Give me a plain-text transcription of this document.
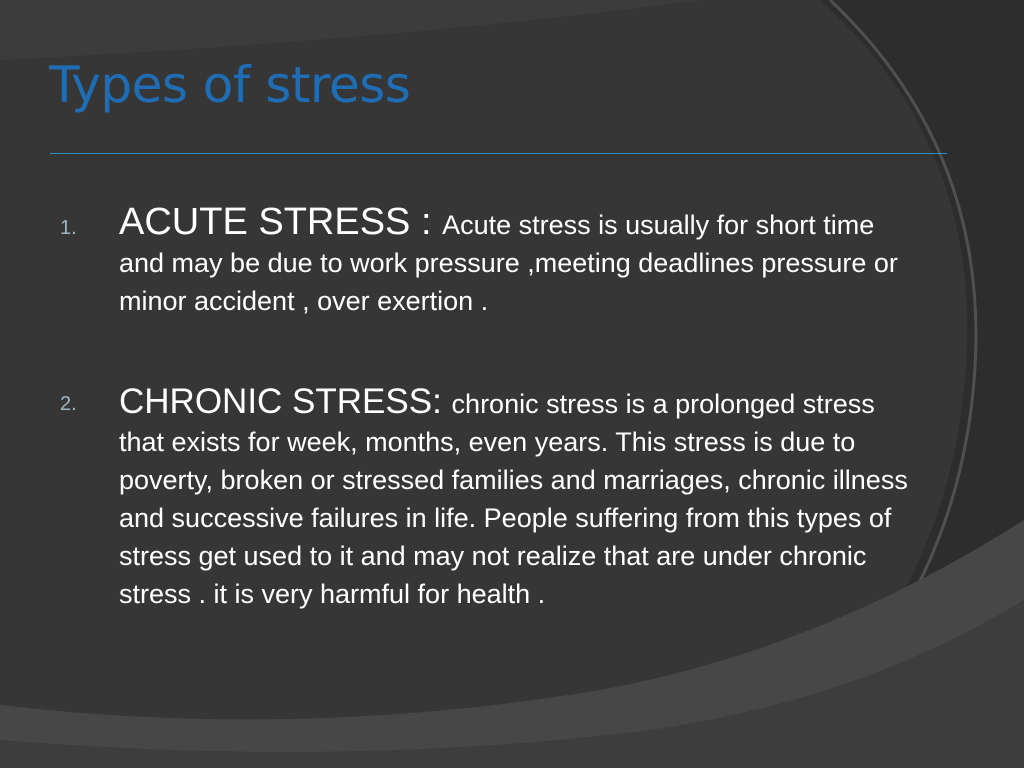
Types of stress
1. ACUTE STRESS : Acute stress is usually for short time and may be due to work pressure ,meeting deadlines pressure or minor accident , over exertion .
2. CHRONIC STRESS: chronic stress is a prolonged stress that exists for week, months, even years. This stress is due to poverty, broken or stressed families and marriages, chronic illness and successive failures in life. People suffering from this types of stress get used to it and may not realize that are under chronic stress . it is very harmful for health .
